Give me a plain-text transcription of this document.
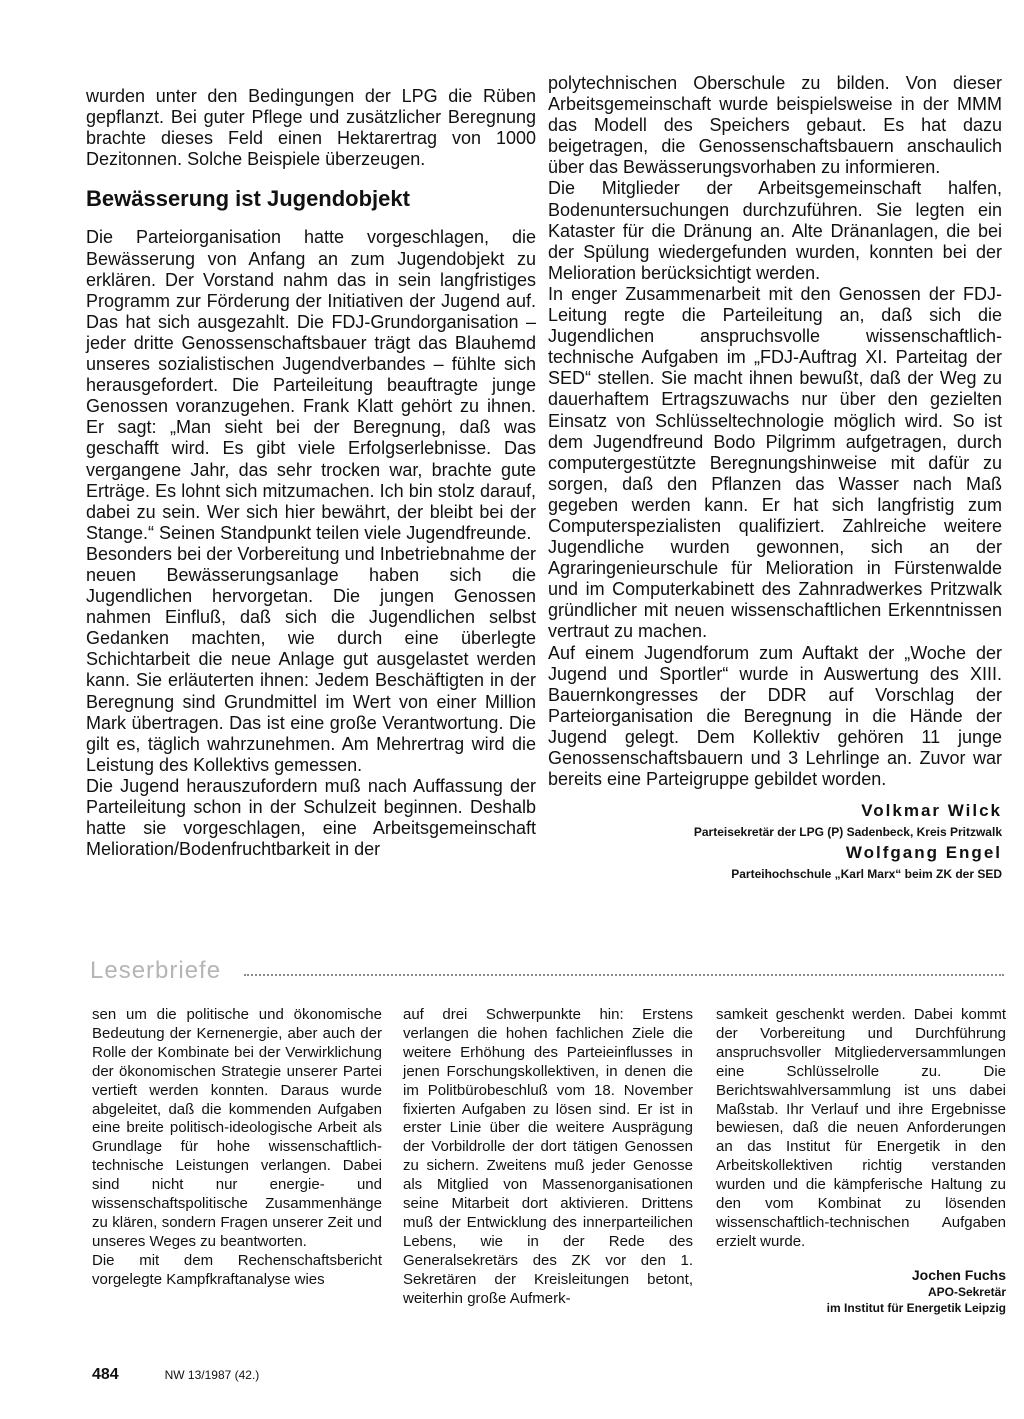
wurden unter den Bedingungen der LPG die Rüben gepflanzt. Bei guter Pflege und zusätzlicher Beregnung brachte dieses Feld einen Hektarertrag von 1000 Dezitonnen. Solche Beispiele überzeugen.

Bewässerung ist Jugendobjekt

Die Parteiorganisation hatte vorgeschlagen, die Bewässerung von Anfang an zum Jugendobjekt zu erklären. Der Vorstand nahm das in sein langfristiges Programm zur Förderung der Initiativen der Jugend auf. Das hat sich ausgezahlt. Die FDJ-Grundorganisation – jeder dritte Genossenschaftsbauer trägt das Blauhemd unseres sozialistischen Jugendverbandes – fühlte sich herausgefordert. Die Parteileitung beauftragte junge Genossen voranzugehen. Frank Klatt gehört zu ihnen. Er sagt: „Man sieht bei der Beregnung, daß was geschafft wird. Es gibt viele Erfolgserlebnisse. Das vergangene Jahr, das sehr trocken war, brachte gute Erträge. Es lohnt sich mitzumachen. Ich bin stolz darauf, dabei zu sein. Wer sich hier bewährt, der bleibt bei der Stange.“ Seinen Standpunkt teilen viele Jugendfreunde.

Besonders bei der Vorbereitung und Inbetriebnahme der neuen Bewässerungsanlage haben sich die Jugendlichen hervorgetan. Die jungen Genossen nahmen Einfluß, daß sich die Jugendlichen selbst Gedanken machten, wie durch eine überlegte Schichtarbeit die neue Anlage gut ausgelastet werden kann. Sie erläuterten ihnen: Jedem Beschäftigten in der Beregnung sind Grundmittel im Wert von einer Million Mark übertragen. Das ist eine große Verantwortung. Die gilt es, täglich wahrzunehmen. Am Mehrertrag wird die Leistung des Kollektivs gemessen.

Die Jugend herauszufordern muß nach Auffassung der Parteileitung schon in der Schulzeit beginnen. Deshalb hatte sie vorgeschlagen, eine Arbeitsgemeinschaft Melioration/Bodenfruchtbarkeit in der

polytechnischen Oberschule zu bilden. Von dieser Arbeitsgemeinschaft wurde beispielsweise in der MMM das Modell des Speichers gebaut. Es hat dazu beigetragen, die Genossenschaftsbauern anschaulich über das Bewässerungsvorhaben zu informieren.

Die Mitglieder der Arbeitsgemeinschaft halfen, Bodenuntersuchungen durchzuführen. Sie legten ein Kataster für die Dränung an. Alte Dränanlagen, die bei der Spülung wiedergefunden wurden, konnten bei der Melioration berücksichtigt werden.

In enger Zusammenarbeit mit den Genossen der FDJ-Leitung regte die Parteileitung an, daß sich die Jugendlichen anspruchsvolle wissenschaftlich-technische Aufgaben im „FDJ-Auftrag XI. Parteitag der SED“ stellen. Sie macht ihnen bewußt, daß der Weg zu dauerhaftem Ertragszuwachs nur über den gezielten Einsatz von Schlüsseltechnologie möglich wird. So ist dem Jugendfreund Bodo Pilgrimm aufgetragen, durch computergestützte Beregnungshinweise mit dafür zu sorgen, daß den Pflanzen das Wasser nach Maß gegeben werden kann. Er hat sich langfristig zum Computerspezialisten qualifiziert. Zahlreiche weitere Jugendliche wurden gewonnen, sich an der Agraringenieurschule für Melioration in Fürstenwalde und im Computerkabinett des Zahnradwerkes Pritzwalk gründlicher mit neuen wissenschaftlichen Erkenntnissen vertraut zu machen.

Auf einem Jugendforum zum Auftakt der „Woche der Jugend und Sportler“ wurde in Auswertung des XIII. Bauernkongresses der DDR auf Vorschlag der Parteiorganisation die Beregnung in die Hände der Jugend gelegt. Dem Kollektiv gehören 11 junge Genossenschaftsbauern und 3 Lehrlinge an. Zuvor war bereits eine Parteigruppe gebildet worden.

Volkmar Wilck
Parteisekretär der LPG (P) Sadenbeck, Kreis Pritzwalk
Wolfgang Engel
Parteihochschule „Karl Marx“ beim ZK der SED
Leserbriefe

sen um die politische und ökonomische Bedeutung der Kernenergie, aber auch der Rolle der Kombinate bei der Verwirklichung der ökonomischen Strategie unserer Partei vertieft werden konnten. Daraus wurde abgeleitet, daß die kommenden Aufgaben eine breite politisch-ideologische Arbeit als Grundlage für hohe wissenschaftlich-technische Leistungen verlangen. Dabei sind nicht nur energie- und wissenschaftspolitische Zusammenhänge zu klären, sondern Fragen unserer Zeit und unseres Weges zu beantworten.

Die mit dem Rechenschaftsbericht vorgelegte Kampfkraftanalyse wies

auf drei Schwerpunkte hin: Erstens verlangen die hohen fachlichen Ziele die weitere Erhöhung des Parteieinflusses in jenen Forschungskollektiven, in denen die im Politbürobeschluß vom 18. November fixierten Aufgaben zu lösen sind. Er ist in erster Linie über die weitere Ausprägung der Vorbildrolle der dort tätigen Genossen zu sichern. Zweitens muß jeder Genosse als Mitglied von Massenorganisationen seine Mitarbeit dort aktivieren. Drittens muß der Entwicklung des innerparteilichen Lebens, wie in der Rede des Generalsekretärs des ZK vor den 1. Sekretären der Kreisleitungen betont, weiterhin große Aufmerk-

samkeit geschenkt werden. Dabei kommt der Vorbereitung und Durchführung anspruchsvoller Mitgliederversammlungen eine Schlüsselrolle zu. Die Berichtswahlversammlung ist uns dabei Maßstab. Ihr Verlauf und ihre Ergebnisse bewiesen, daß die neuen Anforderungen an das Institut für Energetik in den Arbeitskollektiven richtig verstanden wurden und die kämpferische Haltung zu den vom Kombinat zu lösenden wissenschaftlich-technischen Aufgaben erzielt wurde.

Jochen Fuchs
APO-Sekretär
im Institut für Energetik Leipzig
484	NW 13/1987 (42.)
